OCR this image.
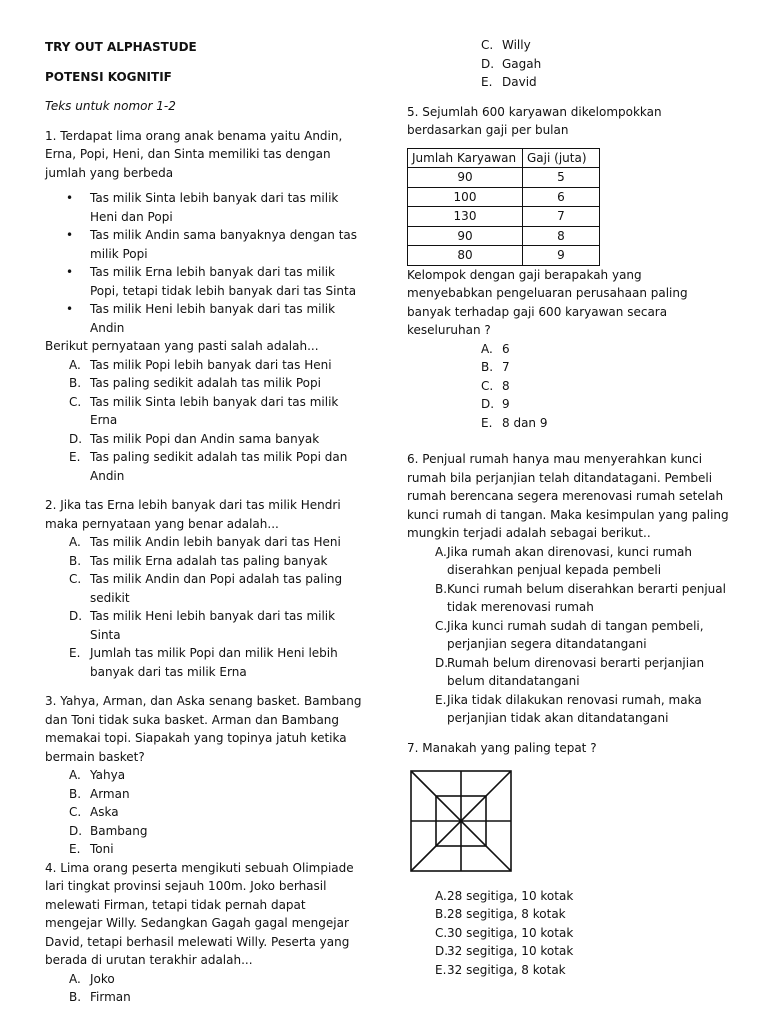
TRY OUT ALPHASTUDE

POTENSI KOGNITIF

Teks untuk nomor 1-2

1. Terdapat lima orang anak benama yaitu Andin, Erna, Popi, Heni, dan Sinta memiliki tas dengan jumlah yang berbeda

• Tas milik Sinta lebih banyak dari tas milik Heni dan Popi
• Tas milik Andin sama banyaknya dengan tas milik Popi
• Tas milik Erna lebih banyak dari tas milik Popi, tetapi tidak lebih banyak dari tas Sinta
• Tas milik Heni lebih banyak dari tas milik Andin

Berikut pernyataan yang pasti salah adalah...

A. Tas milik Popi lebih banyak dari tas Heni
B. Tas paling sedikit adalah tas milik Popi
C. Tas milik Sinta lebih banyak dari tas milik Erna
D. Tas milik Popi dan Andin sama banyak
E. Tas paling sedikit adalah tas milik Popi dan Andin

2. Jika tas Erna lebih banyak dari tas milik Hendri maka pernyataan yang benar adalah...

A. Tas milik Andin lebih banyak dari tas Heni
B. Tas milik Erna adalah tas paling banyak
C. Tas milik Andin dan Popi adalah tas paling sedikit
D. Tas milik Heni lebih banyak dari tas milik Sinta
E. Jumlah tas milik Popi dan milik Heni lebih banyak dari tas milik Erna

3. Yahya, Arman, dan Aska senang basket. Bambang dan Toni tidak suka basket. Arman dan Bambang memakai topi. Siapakah yang topinya jatuh ketika bermain basket?

A. Yahya
B. Arman
C. Aska
D. Bambang
E. Toni

4. Lima orang peserta mengikuti sebuah Olimpiade lari tingkat provinsi sejauh 100m. Joko berhasil melewati Firman, tetapi tidak pernah dapat mengejar Willy. Sedangkan Gagah gagal mengejar David, tetapi berhasil melewati Willy. Peserta yang berada di urutan terakhir adalah...

A. Joko
B. Firman
C. Willy
D. Gagah
E. David

5. Sejumlah 600 karyawan dikelompokkan berdasarkan gaji per bulan

Jumlah Karyawan	Gaji (juta)
90	5
100	6
130	7
90	8
80	9

Kelompok dengan gaji berapakah yang menyebabkan pengeluaran perusahaan paling banyak terhadap gaji 600 karyawan secara keseluruhan ?

A. 6
B. 7
C. 8
D. 9
E. 8 dan 9

6. Penjual rumah hanya mau menyerahkan kunci rumah bila perjanjian telah ditandatagani. Pembeli rumah berencana segera merenovasi rumah setelah kunci rumah di tangan. Maka kesimpulan yang paling mungkin terjadi adalah sebagai berikut..

A. Jika rumah akan direnovasi, kunci rumah diserahkan penjual kepada pembeli
B. Kunci rumah belum diserahkan berarti penjual tidak merenovasi rumah
C. Jika kunci rumah sudah di tangan pembeli, perjanjian segera ditandatangani
D.
Rumah belum direnovasi berarti perjanjian belum ditandatangani
E. Jika tidak dilakukan renovasi rumah, maka perjanjian tidak akan ditandatangani

7. Manakah yang paling tepat ?

A. 28 segitiga, 10 kotak
B. 28 segitiga, 8 kotak
C. 30 segitiga, 10 kotak
D.
32 segitiga, 10 kotak
E. 32 segitiga, 8 kotak
